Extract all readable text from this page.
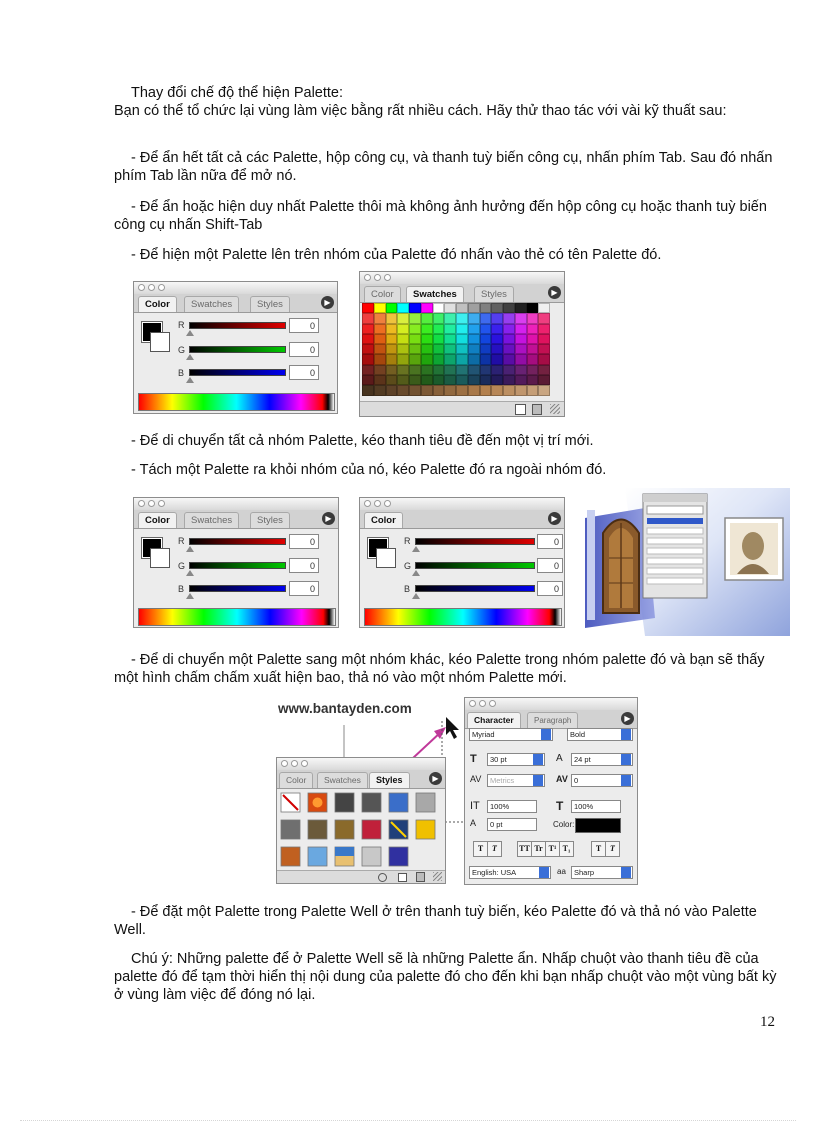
Thay đổi chế độ thể hiện Palette:
Bạn có thể tổ chức lại vùng làm việc bằng rất nhiều cách. Hãy thử thao tác với vài kỹ thuất sau:

- Để ẩn hết tất cả các Palette, hộp công cụ, và thanh tuỳ biến công cụ, nhấn phím Tab. Sau đó nhấn phím Tab lần nữa để mở nó.

- Để ẩn hoặc hiện duy nhất Palette thôi mà không ảnh hưởng đến hộp công cụ hoặc thanh tuỳ biến công cụ nhấn Shift-Tab

- Để hiện một Palette lên trên nhóm của Palette đó nhấn vào thẻ có tên Palette đó.

- Để di chuyển tất cả nhóm Palette, kéo thanh tiêu đề đến một vị trí mới.

- Tách một Palette ra khỏi nhóm của nó, kéo Palette đó ra ngoài nhóm đó.

- Để di chuyển một Palette sang một nhóm khác, kéo Palette trong nhóm palette đó và bạn sẽ thấy một hình chấm chấm xuất hiện bao, thả nó vào một nhóm Palette mới.

- Để đặt một Palette trong Palette Well ở trên thanh tuỳ biến, kéo Palette đó và thả nó vào Palette Well.

Chú ý: Những palette để ở Palette Well sẽ là những Palette ẩn. Nhấp chuột vào thanh tiêu đề của palette đó để tạm thời hiển thị nội dung của palette đó cho đến khi bạn nhấp chuột vào một vùng bất kỳ ở vùng làm việc để đóng nó lại.

12
Color	Swatches	Styles	▶
R	0
G	0
B	0
Color	Swatches	Styles	▶
Color	Swatches	Styles	▶
R	0
G	0
B	0
Color	▶
R	0
G	0
B	0
www.bantayden.com
Color	Swatches	Styles	▶
Character	Paragraph	▶
Myriad	Bold
T	30 pt	A	24 pt
AV	Metrics	AV 0
IT	100%	T	100%
A	0 pt	Color:
T	T	TT Tr T¹ T₁	T	T
English: USA	aa	Sharp
